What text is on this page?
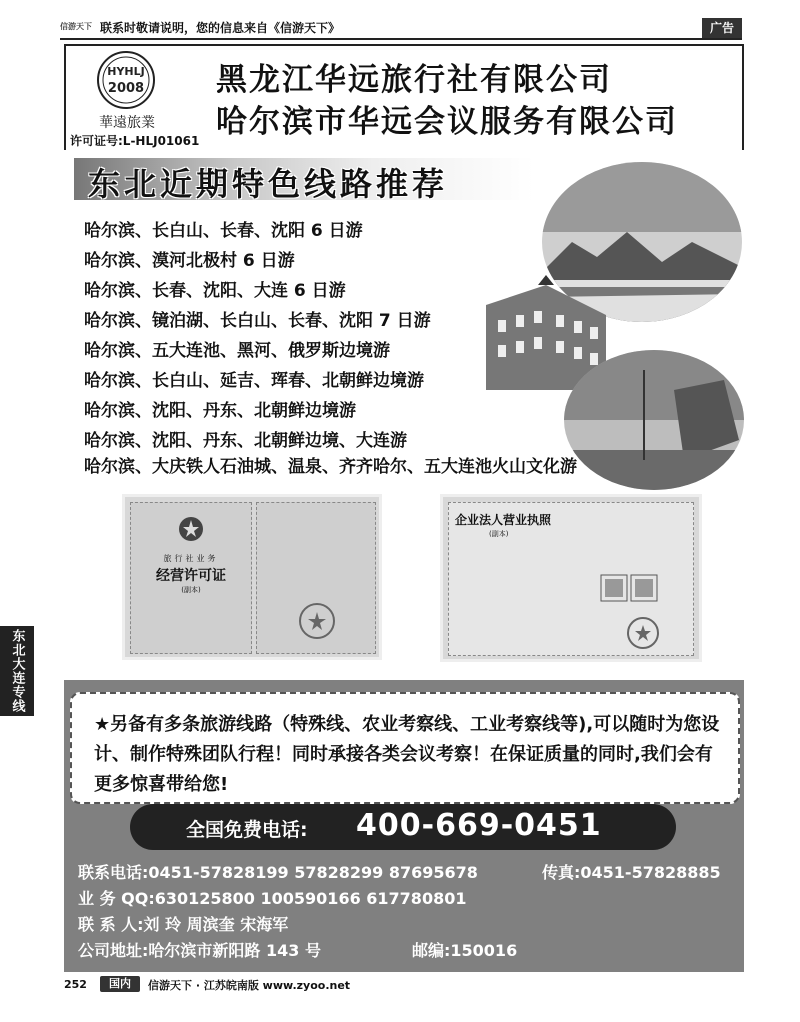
信游天下 联系时敬请说明，您的信息来自《信游天下》	广告
HYHLJ
2008
華遠旅業
许可证号:L-HLJ01061
黑龙江华远旅行社有限公司
哈尔滨市华远会议服务有限公司
东北近期特色线路推荐
哈尔滨、长白山、长春、沈阳 6 日游
哈尔滨、漠河北极村 6 日游
哈尔滨、长春、沈阳、大连 6 日游
哈尔滨、镜泊湖、长白山、长春、沈阳 7 日游
哈尔滨、五大连池、黑河、俄罗斯边境游
哈尔滨、长白山、延吉、珲春、北朝鲜边境游
哈尔滨、沈阳、丹东、北朝鲜边境游
哈尔滨、沈阳、丹东、北朝鲜边境、大连游
哈尔滨、大庆铁人石油城、温泉、齐齐哈尔、五大连池火山文化游
旅行社业务
经营许可证
(副本)
企业法人营业执照
(副本)
东北大连专线
★另备有多条旅游线路（特殊线、农业考察线、工业考察线等),可以随时为您设计、制作特殊团队行程！同时承接各类会议考察！在保证质量的同时,我们会有更多惊喜带给您!
全国免费电话: 400-669-0451
联系电话:0451-57828199 57828299 87695678	传真:0451-57828885
业 务 QQ:630125800 100590166 617780801
联 系 人:刘 玲 周滨奎 宋海军
公司地址:哈尔滨市新阳路 143 号	邮编:150016
252	国内	信游天下 · 江苏皖南版 www.zyoo.net
